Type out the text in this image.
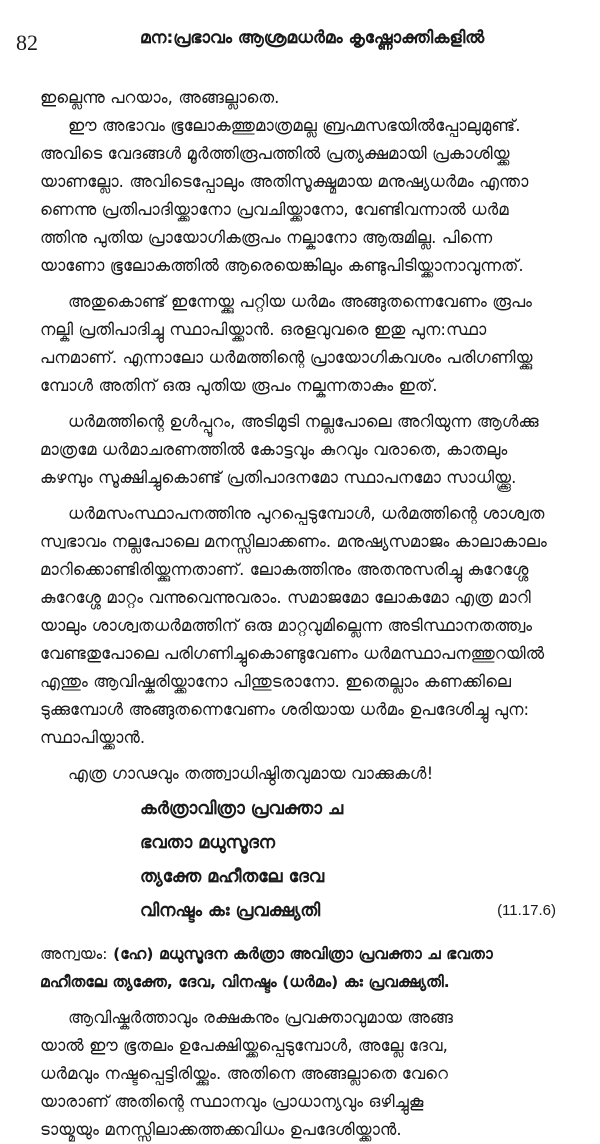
82	മന:പ്രഭാവം ആശ്രമധർമം കൃഷ്ണോക്തികളിൽ
ഇല്ലെന്നു പറയാം, അങ്ങല്ലാതെ.
ഈ അഭാവം ഭൂലോകത്തുമാത്രമല്ല ബ്രഹ്മസഭയിൽപ്പോലുമുണ്ട്.
അവിടെ വേദങ്ങൾ മൂർത്തിരൂപത്തിൽ പ്രത്യക്ഷമായി പ്രകാശിയ്ക്ക
യാണല്ലോ. അവിടെപ്പോലും അതിസൂക്ഷ്മമായ മനുഷ്യധർമം എന്താ
ണെന്നു പ്രതിപാദിയ്ക്കാനോ പ്രവചിയ്ക്കാനോ, വേണ്ടിവന്നാൽ ധർമ
ത്തിനു പുതിയ പ്രായോഗികരൂപം നല്കാനോ ആരുമില്ല. പിന്നെ
യാണോ ഭൂലോകത്തിൽ ആരെയെങ്കിലും കണ്ടുപിടിയ്ക്കാനാവുന്നത്.
അതുകൊണ്ട് ഇന്നേയ്ക്കു പറ്റിയ ധർമം അങ്ങുതന്നെവേണം രൂപം
നല്കി പ്രതിപാദിച്ചു സ്ഥാപിയ്ക്കാൻ. ഒരളവുവരെ ഇതു പുന:സ്ഥാ
പനമാണ്. എന്നാലോ ധർമത്തിന്റെ പ്രായോഗികവശം പരിഗണിയ്ക്കു
മ്പോൾ അതിന് ഒരു പുതിയ രൂപം നല്കുന്നതാകും ഇത്.
ധർമത്തിന്റെ ഉൾപ്പൂറം, അടിമുടി നല്ലപോലെ അറിയുന്ന ആൾക്കു
മാത്രമേ ധർമാചരണത്തിൽ കോട്ടവും കുറവും വരാതെ, കാതലും
കഴമ്പും സൂക്ഷിച്ചുകൊണ്ട് പ്രതിപാദനമോ സ്ഥാപനമോ സാധിയ്ക്കൂ.
ധർമസംസ്ഥാപനത്തിനു പുറപ്പെടുമ്പോൾ, ധർമത്തിന്റെ ശാശ്വത
സ്വഭാവം നല്ലപോലെ മനസ്സിലാക്കണം. മനുഷ്യസമാജം കാലാകാലം
മാറിക്കൊണ്ടിരിയ്ക്കുന്നതാണ്. ലോകത്തിനും അതനുസരിച്ചു കുറേശ്ശേ
കുറേശ്ശേ മാറ്റം വന്നുവെന്നുവരാം. സമാജമോ ലോകമോ എത്ര മാറി
യാലും ശാശ്വതധർമത്തിന് ഒരു മാറ്റവുമില്ലെന്ന അടിസ്ഥാനതത്ത്വം
വേണ്ടതുപോലെ പരിഗണിച്ചുകൊണ്ടുവേണം ധർമസ്ഥാപനത്തുറയിൽ
എന്തും ആവിഷ്കരിയ്ക്കാനോ പിന്തുടരാനോ. ഇതെല്ലാം കണക്കിലെ
ടുക്കുമ്പോൾ അങ്ങുതന്നെവേണം ശരിയായ ധർമം ഉപദേശിച്ചു പുന:
സ്ഥാപിയ്ക്കാൻ.
എത്ര ഗാഢവും തത്ത്വാധിഷ്ഠിതവുമായ വാക്കുകൾ!
കർത്രാവിത്രാ പ്രവക്താ ച
ഭവതാ മധുസൂദന
ത്യക്തേ മഹീതലേ ദേവ
വിനഷ്ടം കഃ പ്രവക്ഷ്യതി	(11.17.6)
അന്വയം: (ഹേ) മധുസൂദന കർത്രാ അവിത്രാ പ്രവക്താ ച ഭവതാ
മഹീതലേ ത്യക്തേ, ദേവ, വിനഷ്ടം (ധർമം) കഃ പ്രവക്ഷ്യതി.
ആവിഷ്കർത്താവും രക്ഷകനും പ്രവക്താവുമായ അങ്ങ
യാൽ ഈ ഭൂതലം ഉപേക്ഷിയ്ക്കപ്പെടുമ്പോൾ, അല്ലേ ദേവ,
ധർമവും നഷ്ടപ്പെട്ടിരിയ്ക്കും. അതിനെ അങ്ങല്ലാതെ വേറെ
യാരാണ് അതിന്റെ സ്ഥാനവും പ്രാധാന്യവും ഒഴിച്ചുകൂ
ടായ്മയും മനസ്സിലാക്കത്തക്കവിധം ഉപദേശിയ്ക്കാൻ.
